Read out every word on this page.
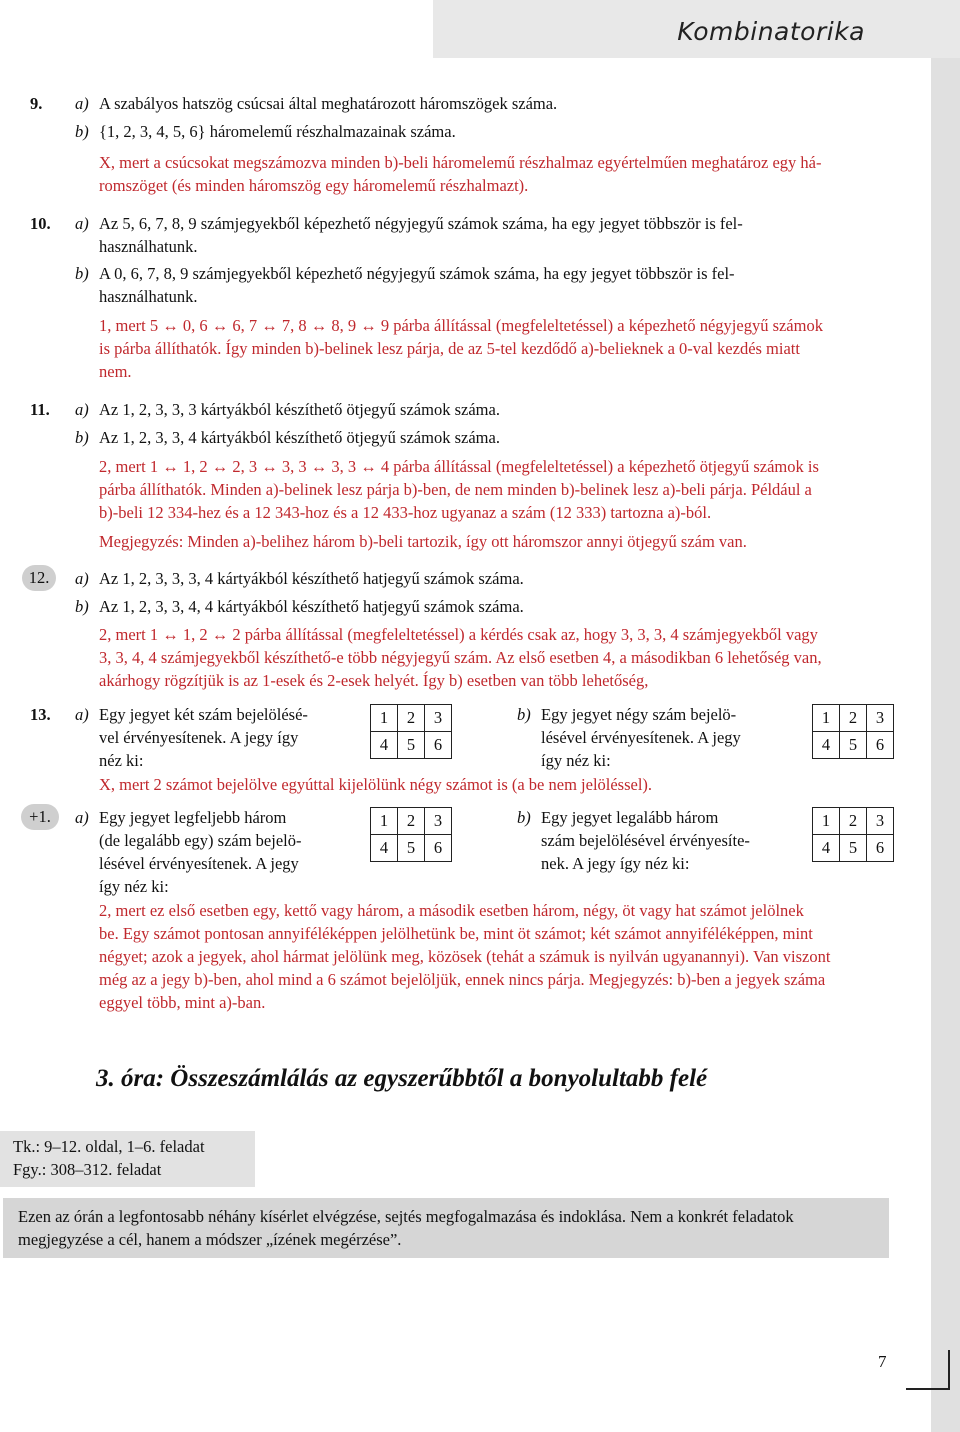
Kombinatorika
9.	a) A szabályos hatszög csúcsai által meghatározott háromszögek száma.
b) {1, 2, 3, 4, 5, 6} háromelemű részhalmazainak száma.
X, mert a csúcsokat megszámozva minden b)-beli háromelemű részhalmaz egyértelműen meghatároz egy há-
romszöget (és minden háromszög egy háromelemű részhalmazt).
10.	a) Az 5, 6, 7, 8, 9 számjegyekből képezhető négyjegyű számok száma, ha egy jegyet többször is fel-
használhatunk.
b) A 0, 6, 7, 8, 9 számjegyekből képezhető négyjegyű számok száma, ha egy jegyet többször is fel-
használhatunk.
1, mert 5 ↔ 0, 6 ↔ 6, 7 ↔ 7, 8 ↔ 8, 9 ↔ 9 párba állítással (megfeleltetéssel) a képezhető négyjegyű számok
is párba állíthatók. Így minden b)-belinek lesz párja, de az 5-tel kezdődő a)-belieknek a 0-val kezdés miatt
nem.
11.	a) Az 1, 2, 3, 3, 3 kártyákból készíthető ötjegyű számok száma.
b) Az 1, 2, 3, 3, 4 kártyákból készíthető ötjegyű számok száma.
2, mert 1 ↔ 1, 2 ↔ 2, 3 ↔ 3, 3 ↔ 3, 3 ↔ 4 párba állítással (megfeleltetéssel) a képezhető ötjegyű számok is
párba állíthatók. Minden a)-belinek lesz párja b)-ben, de nem minden b)-belinek lesz a)-beli párja. Például a
b)-beli 12 334-hez és a 12 343-hoz és a 12 433-hoz ugyanaz a szám (12 333) tartozna a)-ból.
Megjegyzés: Minden a)-belihez három b)-beli tartozik, így ott háromszor annyi ötjegyű szám van.
12.	a) Az 1, 2, 3, 3, 3, 4 kártyákból készíthető hatjegyű számok száma.
b) Az 1, 2, 3, 3, 4, 4 kártyákból készíthető hatjegyű számok száma.
2, mert 1 ↔ 1, 2 ↔ 2 párba állítással (megfeleltetéssel) a kérdés csak az, hogy 3, 3, 3, 4 számjegyekből vagy
3, 3, 4, 4 számjegyekből készíthető-e több négyjegyű szám. Az első esetben 4, a másodikban 6 lehetőség van,
akárhogy rögzítjük is az 1-esek és 2-esek helyét. Így b) esetben van több lehetőség,
13.	a) Egy jegyet két szám bejelölésé-
vel érvényesítenek. A jegy így
néz ki:
1	2	3
4	5	6
b) Egy jegyet négy szám bejelö-
lésével érvényesítenek. A jegy
így néz ki:
1	2	3
4	5	6
X, mert 2 számot bejelölve egyúttal kijelölünk négy számot is (a be nem jelöléssel).
+1.	a) Egy jegyet legfeljebb három
(de legalább egy) szám bejelö-
lésével érvényesítenek. A jegy
így néz ki:
1	2	3
4	5	6
b) Egy jegyet legalább három
szám bejelölésével érvényesíte-
nek. A jegy így néz ki:
1	2	3
4	5	6
2, mert ez első esetben egy, kettő vagy három, a második esetben három, négy, öt vagy hat számot jelölnek
be. Egy számot pontosan annyiféléképpen jelölhetünk be, mint öt számot; két számot annyiféléképpen, mint
négyet; azok a jegyek, ahol hármat jelölünk meg, közösek (tehát a számuk is nyilván ugyanannyi). Van viszont
még az a jegy b)-ben, ahol mind a 6 számot bejelöljük, ennek nincs párja. Megjegyzés: b)-ben a jegyek száma
eggyel több, mint a)-ban.
3. óra: Összeszámlálás az egyszerűbbtől a bonyolultabb felé
Tk.: 9–12. oldal, 1–6. feladat
Fgy.: 308–312. feladat
Ezen az órán a legfontosabb néhány kísérlet elvégzése, sejtés megfogalmazása és indoklása. Nem a konkrét feladatok megjegyzése a cél, hanem a módszer „ízének megérzése”.
7
